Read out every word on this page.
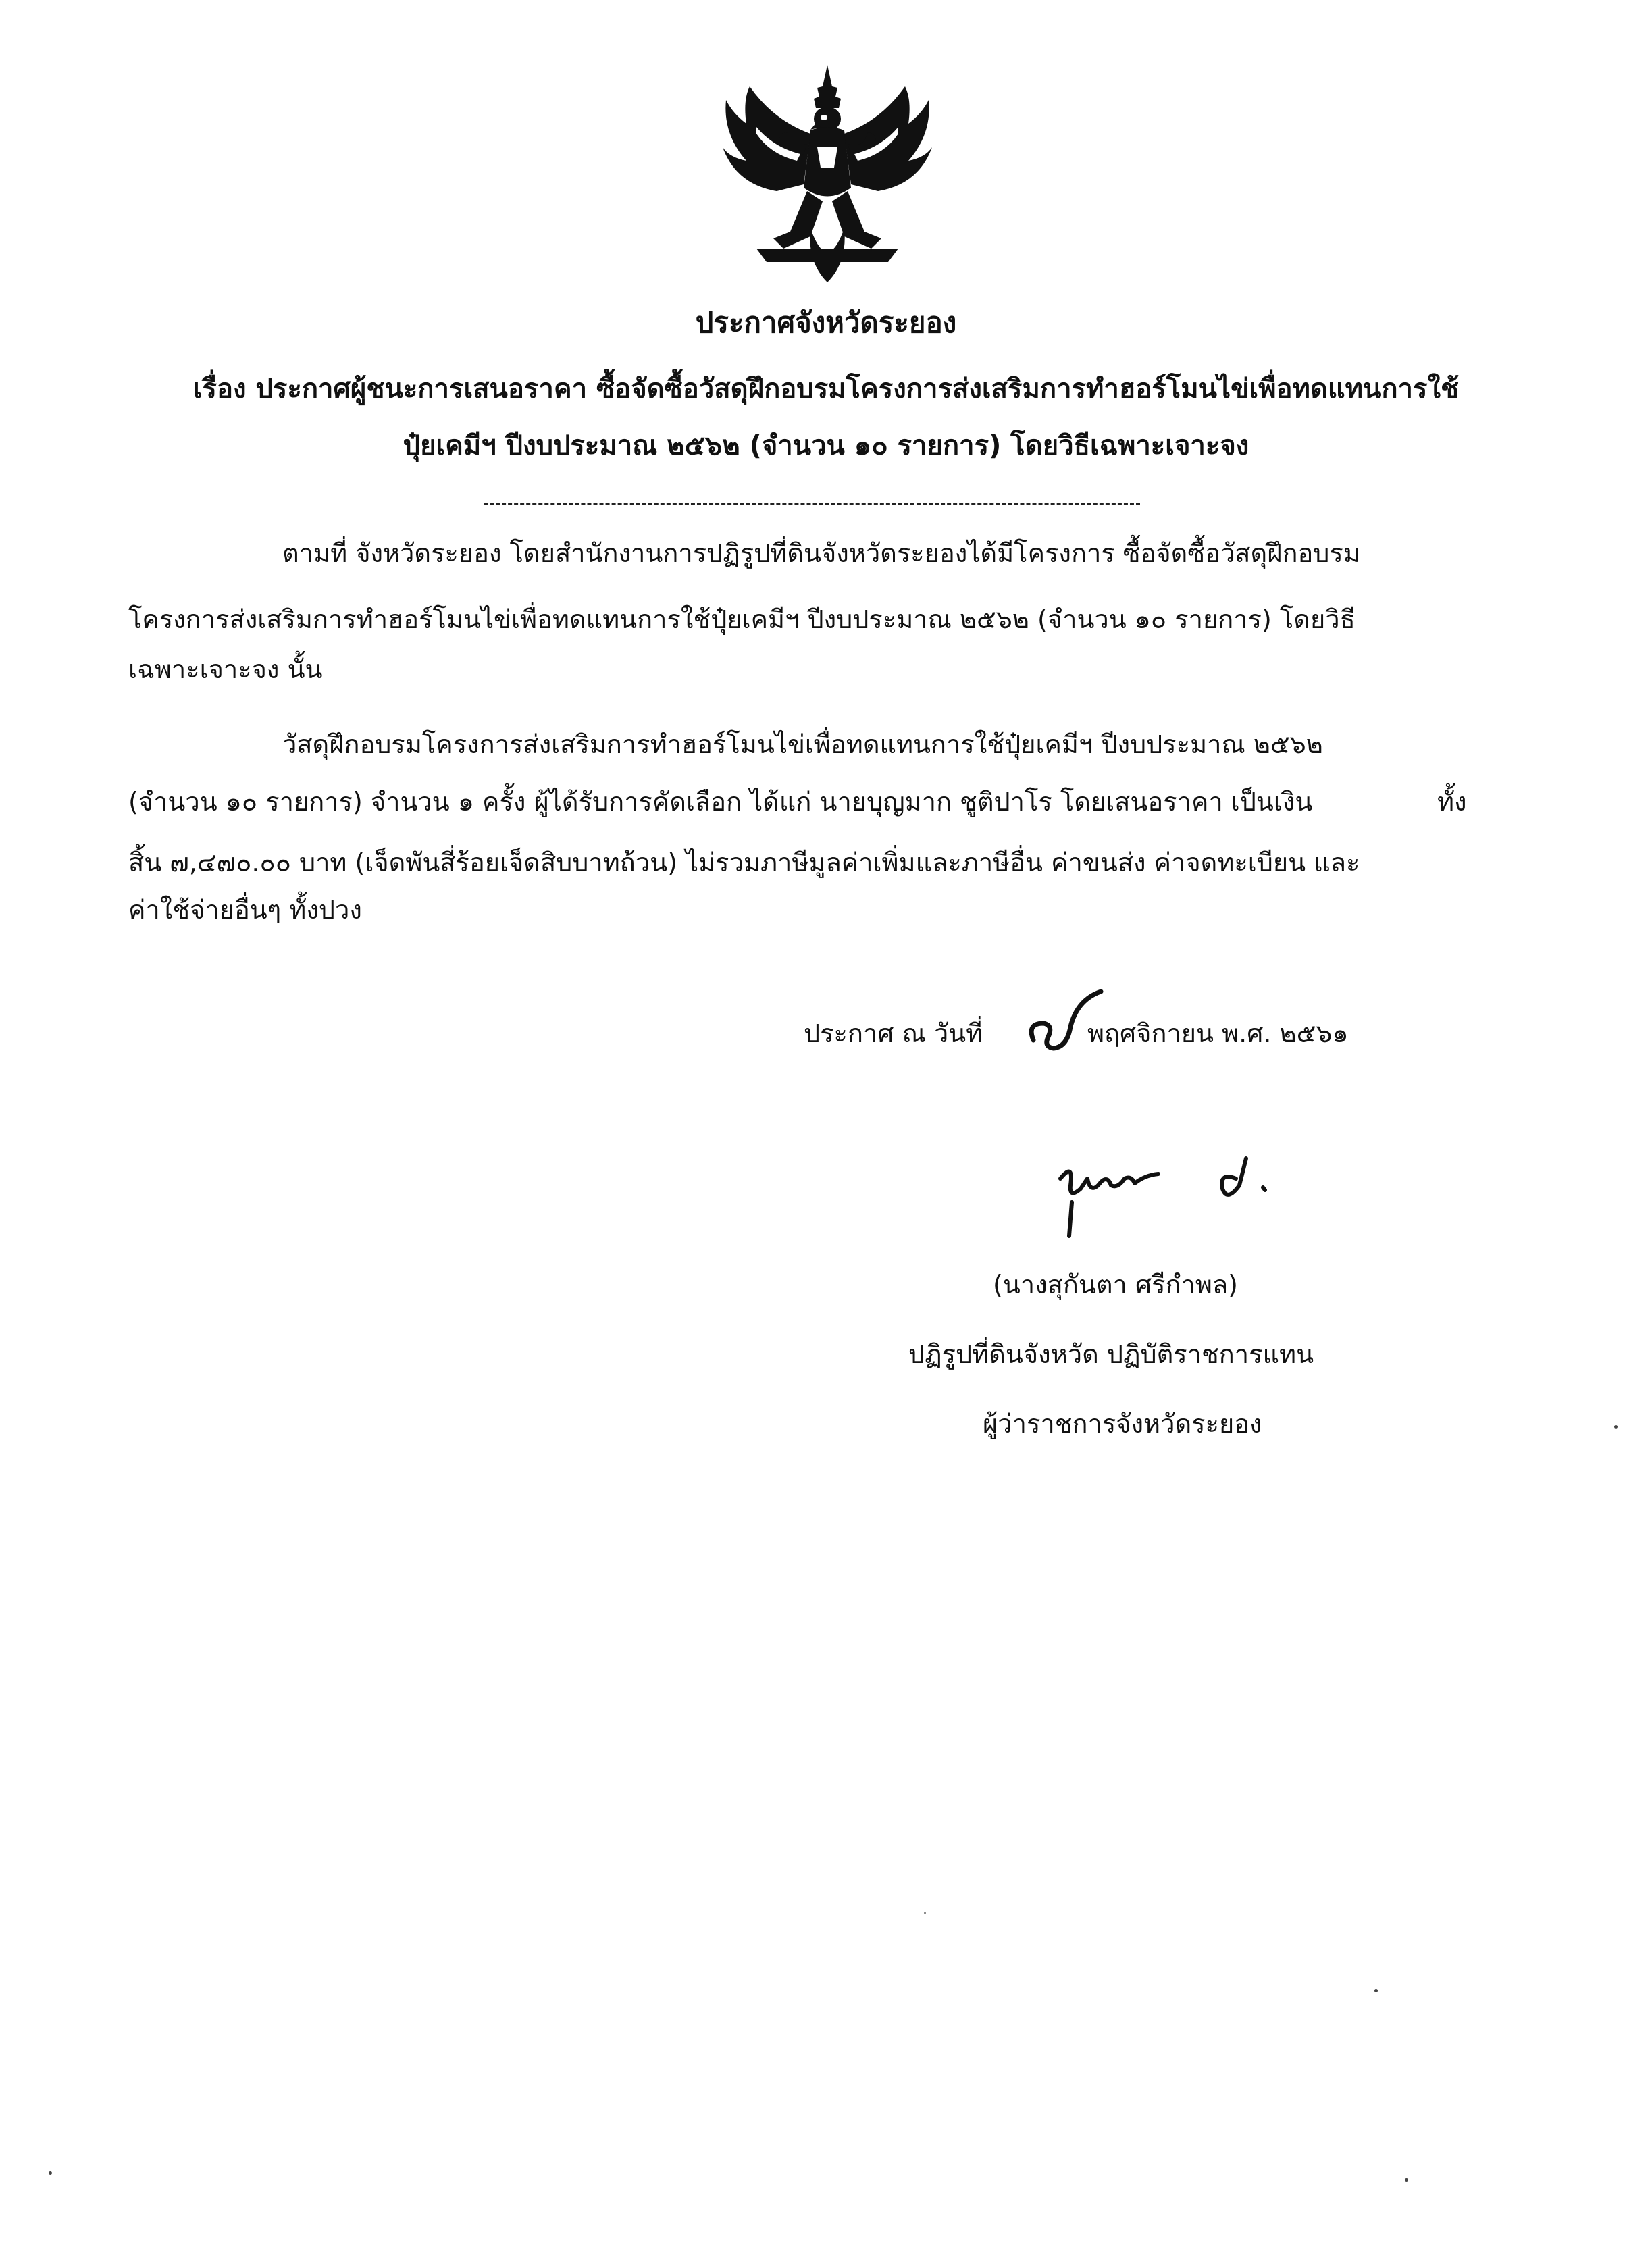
ประกาศจังหวัดระยอง
เรื่อง ประกาศผู้ชนะการเสนอราคา ซื้อจัดซื้อวัสดุฝึกอบรมโครงการส่งเสริมการทำฮอร์โมนไข่เพื่อทดแทนการใช้
ปุ๋ยเคมีฯ ปีงบประมาณ ๒๕๖๒ (จำนวน ๑๐ รายการ) โดยวิธีเฉพาะเจาะจง
ตามที่ จังหวัดระยอง โดยสำนักงานการปฏิรูปที่ดินจังหวัดระยองได้มีโครงการ ซื้อจัดซื้อวัสดุฝึกอบรม
โครงการส่งเสริมการทำฮอร์โมนไข่เพื่อทดแทนการใช้ปุ๋ยเคมีฯ ปีงบประมาณ ๒๕๖๒ (จำนวน ๑๐ รายการ) โดยวิธี
เฉพาะเจาะจง นั้น
วัสดุฝึกอบรมโครงการส่งเสริมการทำฮอร์โมนไข่เพื่อทดแทนการใช้ปุ๋ยเคมีฯ ปีงบประมาณ ๒๕๖๒
(จำนวน ๑๐ รายการ) จำนวน ๑ ครั้ง ผู้ได้รับการคัดเลือก ได้แก่ นายบุญมาก ชูติปาโร โดยเสนอราคา เป็นเงิน	ทั้ง
สิ้น ๗,๔๗๐.๐๐ บาท (เจ็ดพันสี่ร้อยเจ็ดสิบบาทถ้วน) ไม่รวมภาษีมูลค่าเพิ่มและภาษีอื่น ค่าขนส่ง ค่าจดทะเบียน และ
ค่าใช้จ่ายอื่นๆ ทั้งปวง
ประกาศ ณ วันที่	พฤศจิกายน พ.ศ. ๒๕๖๑
(นางสุกันตา ศรีกำพล)
ปฏิรูปที่ดินจังหวัด ปฏิบัติราชการแทน
ผู้ว่าราชการจังหวัดระยอง
